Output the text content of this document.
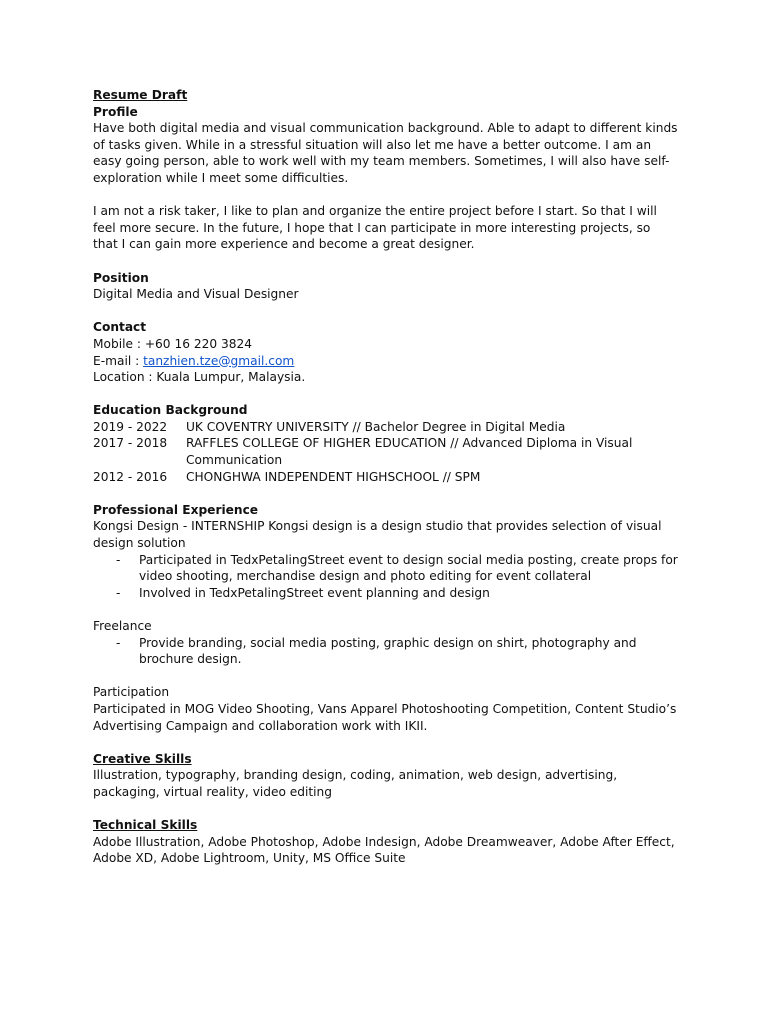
Resume Draft

Profile

Have both digital media and visual communication background. Able to adapt to different kinds of tasks given. While in a stressful situation will also let me have a better outcome. I am an easy going person, able to work well with my team members. Sometimes, I will also have self-exploration while I meet some difficulties.

I am not a risk taker, I like to plan and organize the entire project before I start. So that I will feel more secure. In the future, I hope that I can participate in more interesting projects, so that I can gain more experience and become a great designer.

Position

Digital Media and Visual Designer

Contact

Mobile : +60 16 220 3824

E-mail : tanzhien.tze@gmail.com

Location : Kuala Lumpur, Malaysia.

Education Background

2019 - 2022	UK COVENTRY UNIVERSITY // Bachelor Degree in Digital Media
2017 - 2018	RAFFLES COLLEGE OF HIGHER EDUCATION // Advanced Diploma in Visual Communication
2012 - 2016	CHONGHWA INDEPENDENT HIGHSCHOOL // SPM

Professional Experience

Kongsi Design - INTERNSHIP Kongsi design is a design studio that provides selection of visual design solution

-	Participated in TedxPetalingStreet event to design social media posting, create props for video shooting, merchandise design and photo editing for event collateral
-	Involved in TedxPetalingStreet event planning and design

Freelance

-	Provide branding, social media posting, graphic design on shirt, photography and brochure design.

Participation

Participated in MOG Video Shooting, Vans Apparel Photoshooting Competition, Content Studio’s Advertising Campaign and collaboration work with IKII.

Creative Skills

Illustration, typography, branding design, coding, animation, web design, advertising, packaging, virtual reality, video editing

Technical Skills

Adobe Illustration, Adobe Photoshop, Adobe Indesign, Adobe Dreamweaver, Adobe After Effect, Adobe XD, Adobe Lightroom, Unity, MS Office Suite
